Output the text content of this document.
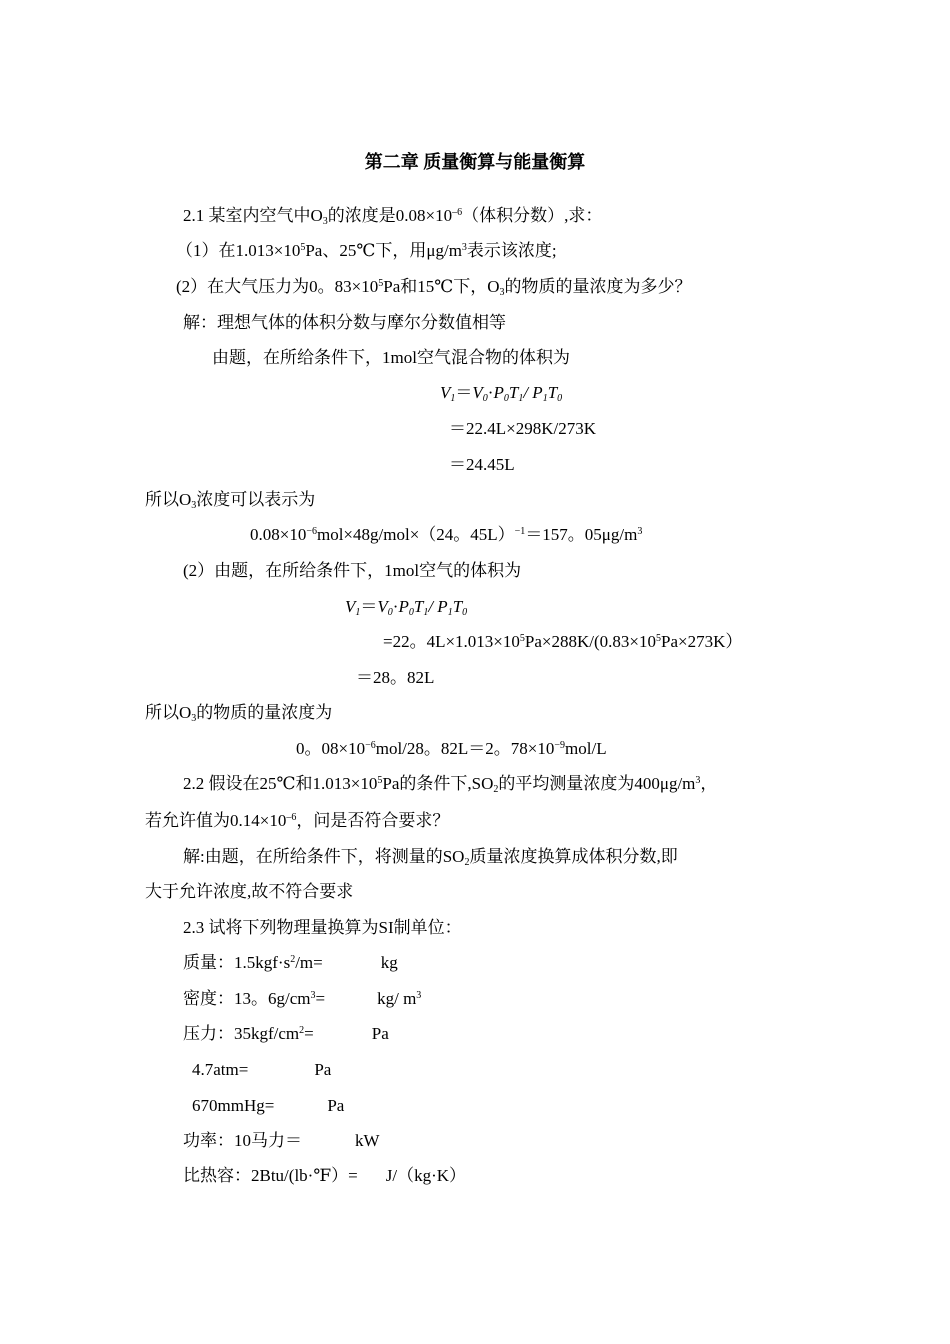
第二章 质量衡算与能量衡算
2.1 某室内空气中$O_3$的浓度是$0.08\times 10^{-6}$（体积分数）,求：
（1）在$1.013\times 10^5Pa$、25℃下，用$\mu g/m^3$表示该浓度;
(2）在大气压力为0。$83\times 10^5Pa$和15℃下，$O_3$的物质的量浓度为多少？
解：理想气体的体积分数与摩尔分数值相等
由题，在所给条件下，1mol空气混合物的体积为
$V_1=V_0\cdot P_0T_1/$ $P_1T_0$
＝22.4L×298K/273K
＝24.45L
所以$O_3$浓度可以表示为
$0.08\times 10^{-6}mol\times 48g/mol\times(24$。45L）$^{-1}$＝157。$05\mu g/m^3$
(2）由题，在所给条件下，1mol空气的体积为
$V_1=V_0\cdot P_0T_1/$ $P_1T_0$
=22。$4L\times 1.013\times 10^5Pa\times 288K/(0.83\times 10^5Pa\times 273K)$
＝28。82L
所以$O_3$的物质的量浓度为
0。$08\times 10^{-6}mol/28$。82L＝2。$78\times 10^{-9}mol/L$
2.2 假设在25℃和$1.013\times 10^5Pa$的条件下$,SO_2$的平均测量浓度为$400\mu g/m^3$，
若允许值为$0.14\times 10^{-6}$，问是否符合要求？
解:由题，在所给条件下，将测量的$SO_2$质量浓度换算成体积分数,即
大于允许浓度,故不符合要求
2.3 试将下列物理量换算为SI制单位：
质量：$1.5kgf\cdot s^2/m=$	kg
密度：13。$6g/cm^3=$	kg/ $m^3$
压力：$35kgf/cm^2=$	Pa
4.7atm=	Pa
670mmHg=	Pa
功率：10马力＝	kW
比热容：2Btu/(lb·℉）= J/（kg·K）
